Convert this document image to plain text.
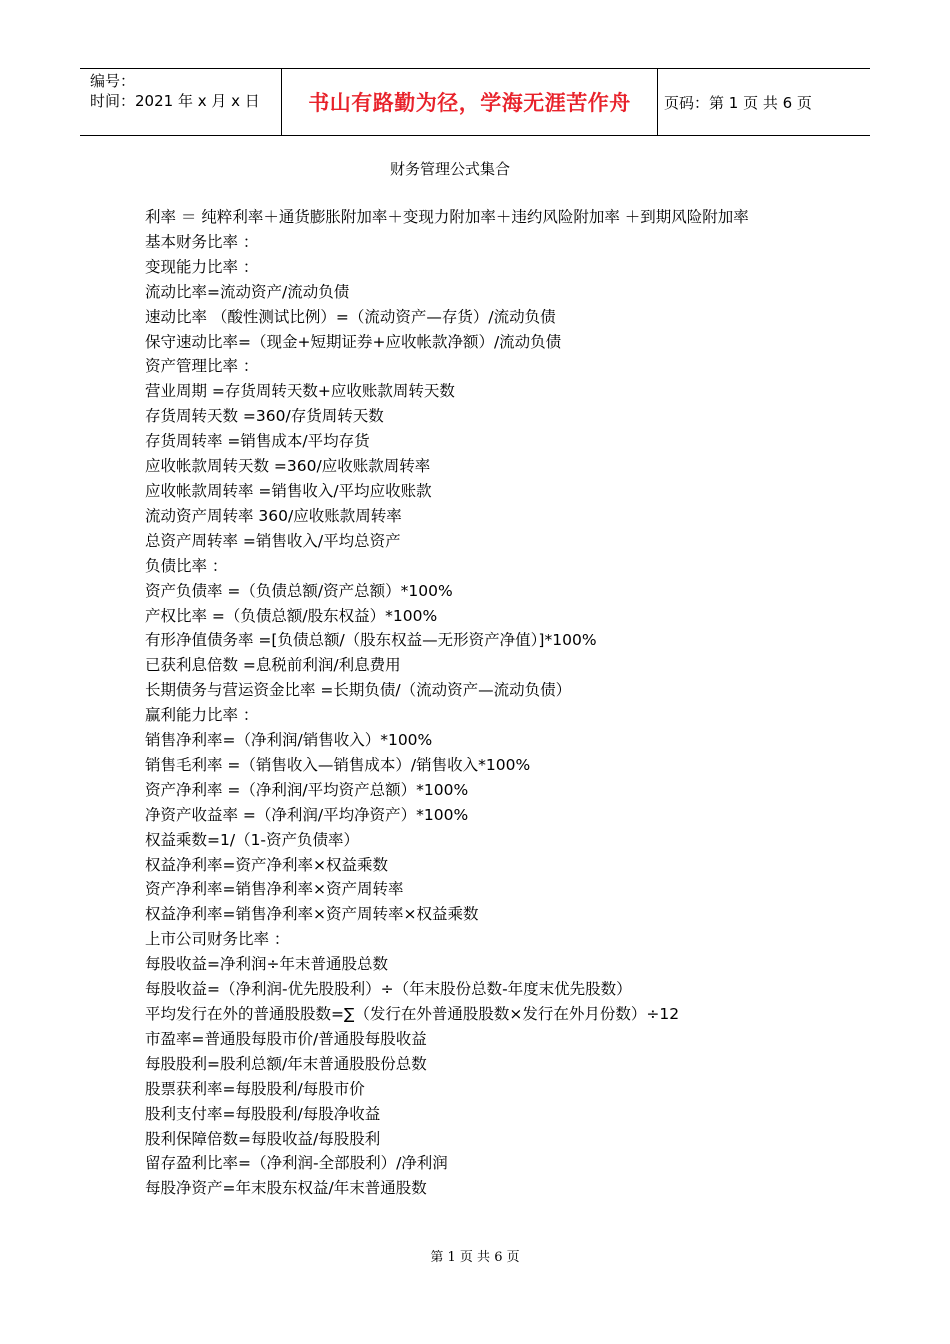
编号：
时间：2021 年 x 月 x 日	书山有路勤为径，学海无涯苦作舟	页码：第 1 页 共 6 页
财务管理公式集合
利率 ＝ 纯粹利率＋通货膨胀附加率＋变现力附加率＋违约风险附加率 ＋到期风险附加率
基本财务比率 ：
变现能力比率 ：
流动比率=流动资产/流动负债
速动比率 （酸性测试比例）=（流动资产—存货）/流动负债
保守速动比率=（现金+短期证券+应收帐款净额）/流动负债
资产管理比率 ：
营业周期 =存货周转天数+应收账款周转天数
存货周转天数 =360/存货周转天数
存货周转率 =销售成本/平均存货
应收帐款周转天数 =360/应收账款周转率
应收帐款周转率 =销售收入/平均应收账款
流动资产周转率 360/应收账款周转率
总资产周转率 =销售收入/平均总资产
负债比率 ：
资产负债率 =（负债总额/资产总额）*100%
产权比率 =（负债总额/股东权益）*100%
有形净值债务率 =[负债总额/（股东权益—无形资产净值）]*100%
已获利息倍数 =息税前利润/利息费用
长期债务与营运资金比率 =长期负债/（流动资产—流动负债）
赢利能力比率 ：
销售净利率=（净利润/销售收入）*100%
销售毛利率 =（销售收入—销售成本）/销售收入*100%
资产净利率 =（净利润/平均资产总额）*100%
净资产收益率 =（净利润/平均净资产）*100%
权益乘数=1/（1-资产负债率）
权益净利率=资产净利率×权益乘数
资产净利率=销售净利率×资产周转率
权益净利率=销售净利率×资产周转率×权益乘数
上市公司财务比率 ：
每股收益=净利润÷年末普通股总数
每股收益=（净利润-优先股股利）÷（年末股份总数-年度末优先股数）
平均发行在外的普通股股数=∑（发行在外普通股股数×发行在外月份数）÷12
市盈率=普通股每股市价/普通股每股收益
每股股利=股利总额/年末普通股股份总数
股票获利率=每股股利/每股市价
股利支付率=每股股利/每股净收益
股利保障倍数=每股收益/每股股利
留存盈利比率=（净利润-全部股利）/净利润
每股净资产=年末股东权益/年末普通股数
第 1 页 共 6 页
